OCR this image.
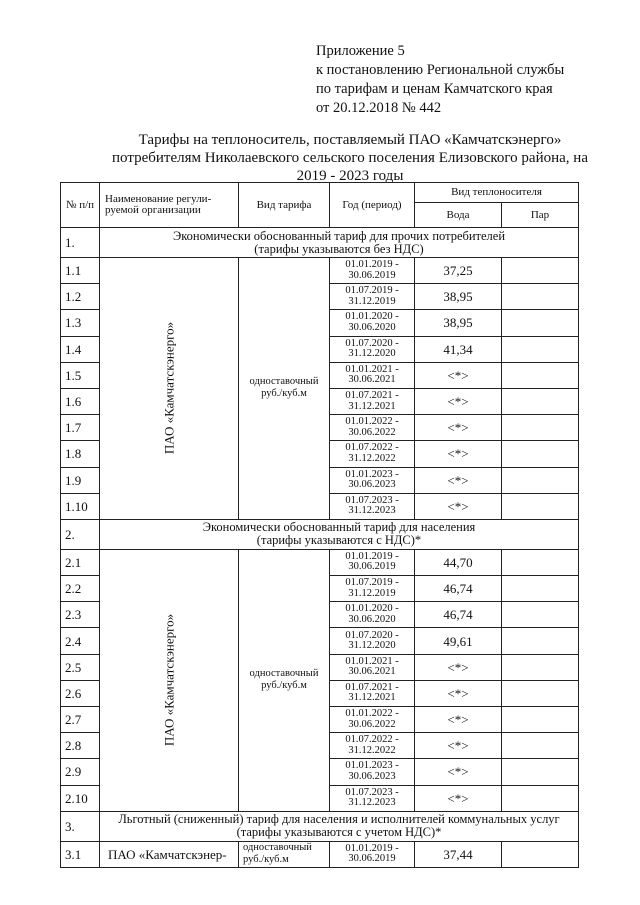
Приложение 5
к постановлению Региональной службы
по тарифам и ценам Камчатского края
от 20.12.2018 № 442
Тарифы на теплоноситель, поставляемый ПАО «Камчатскэнерго»
потребителям Николаевского сельского поселения Елизовского района, на
2019 - 2023 годы
№ п/п	Наименование регули-руемой организации	Вид тарифа	Год (период)	Вид теплоносителя	
				Вода	Пар
1.	Экономически обоснованный тариф для прочих потребителей
(тарифы указываются без НДС)				

1.1	ПАО «Камчатскэнерго»	одноставочный руб./куб.м	01.01.2019 -
30.06.2019	37,25	
1.2			01.07.2019 -
31.12.2019	38,95	
1.3			01.01.2020 -
30.06.2020	38,95	
1.4			01.07.2020 -
31.12.2020	41,34	
1.5			01.01.2021 -
30.06.2021	<*>	
1.6			01.07.2021 -
31.12.2021	<*>	
1.7			01.01.2022 -
30.06.2022	<*>	
1.8			01.07.2022 -
31.12.2022	<*>	
1.9			01.01.2023 -
30.06.2023	<*>	
1.10			01.07.2023 -
31.12.2023	<*>	
2.	Экономически обоснованный тариф для населения
(тарифы указываются с НДС)*				

2.1	ПАО «Камчатскэнерго»	одноставочный руб./куб.м	01.01.2019 -
30.06.2019	44,70	
2.2			01.07.2019 -
31.12.2019	46,74	
2.3			01.01.2020 -
30.06.2020	46,74	
2.4			01.07.2020 -
31.12.2020	49,61	
2.5			01.01.2021 -
30.06.2021	<*>	
2.6			01.07.2021 -
31.12.2021	<*>	
2.7			01.01.2022 -
30.06.2022	<*>	
2.8			01.07.2022 -
31.12.2022	<*>	
2.9			01.01.2023 -
30.06.2023	<*>	
2.10			01.07.2023 -
31.12.2023	<*>	
3.	Льготный (сниженный) тариф для населения и исполнителей коммунальных услуг
(тарифы указываются с учетом НДС)*				

3.1	ПАО «Камчатскэнер-	одноставочный руб./куб.м	01.01.2019 -
30.06.2019	37,44	
